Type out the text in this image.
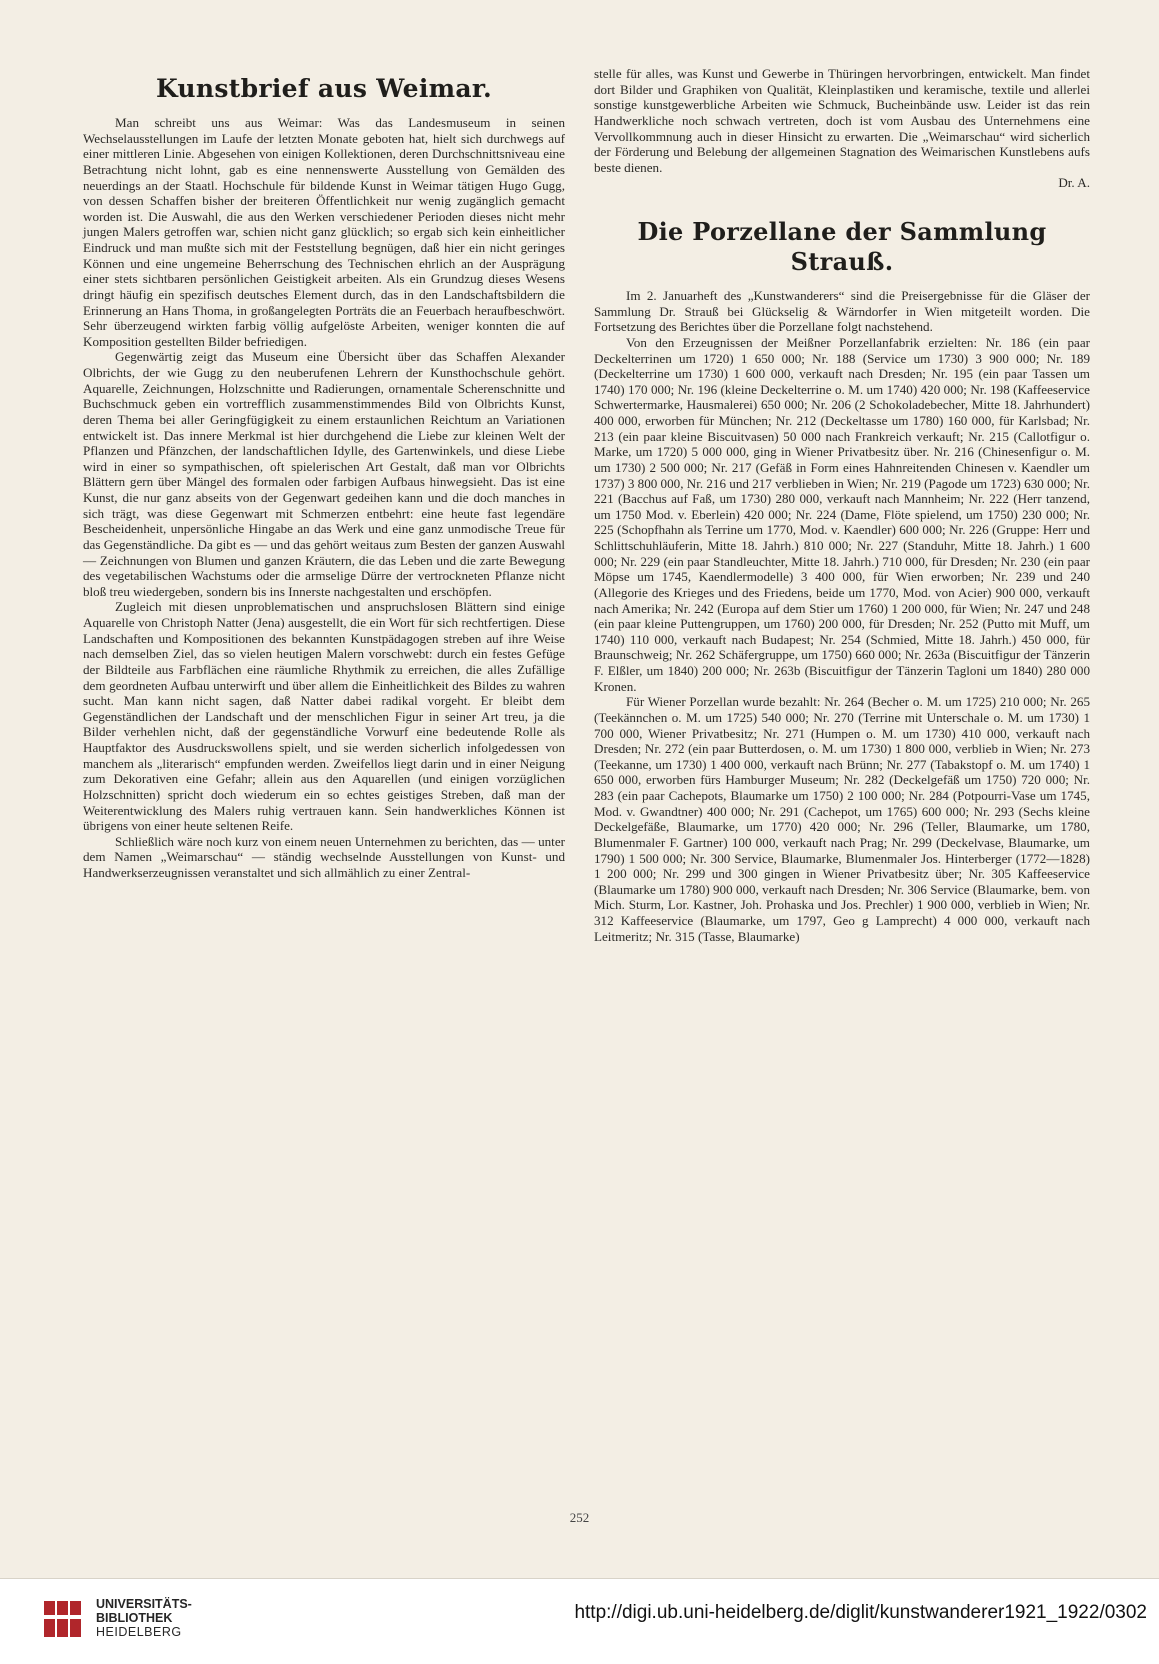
Kunstbrief aus Weimar.

Man schreibt uns aus Weimar: Was das Landesmuseum in seinen Wechselausstellungen im Laufe der letzten Monate geboten hat, hielt sich durchwegs auf einer mittleren Linie. Abgesehen von einigen Kollektionen, deren Durchschnittsniveau eine Betrachtung nicht lohnt, gab es eine nennenswerte Ausstellung von Gemälden des neuerdings an der Staatl. Hochschule für bildende Kunst in Weimar tätigen Hugo Gugg, von dessen Schaffen bisher der breiteren Öffentlichkeit nur wenig zugänglich gemacht worden ist. Die Auswahl, die aus den Werken verschiedener Perioden dieses nicht mehr jungen Malers getroffen war, schien nicht ganz glücklich; so ergab sich kein einheitlicher Eindruck und man mußte sich mit der Feststellung begnügen, daß hier ein nicht geringes Können und eine ungemeine Beherrschung des Technischen ehrlich an der Ausprägung einer stets sichtbaren persönlichen Geistigkeit arbeiten. Als ein Grundzug dieses Wesens dringt häufig ein spezifisch deutsches Element durch, das in den Landschaftsbildern die Erinnerung an Hans Thoma, in großangelegten Porträts die an Feuerbach heraufbeschwört. Sehr überzeugend wirkten farbig völlig aufgelöste Arbeiten, weniger konnten die auf Komposition gestellten Bilder befriedigen.

Gegenwärtig zeigt das Museum eine Übersicht über das Schaffen Alexander Olbrichts, der wie Gugg zu den neuberufenen Lehrern der Kunsthochschule gehört. Aquarelle, Zeichnungen, Holzschnitte und Radierungen, ornamentale Scherenschnitte und Buchschmuck geben ein vortrefflich zusammenstimmendes Bild von Olbrichts Kunst, deren Thema bei aller Geringfügigkeit zu einem erstaunlichen Reichtum an Variationen entwickelt ist. Das innere Merkmal ist hier durchgehend die Liebe zur kleinen Welt der Pflanzen und Pfänzchen, der landschaftlichen Idylle, des Gartenwinkels, und diese Liebe wird in einer so sympathischen, oft spielerischen Art Gestalt, daß man vor Olbrichts Blättern gern über Mängel des formalen oder farbigen Aufbaus hinwegsieht. Das ist eine Kunst, die nur ganz abseits von der Gegenwart gedeihen kann und die doch manches in sich trägt, was diese Gegenwart mit Schmerzen entbehrt: eine heute fast legendäre Bescheidenheit, unpersönliche Hingabe an das Werk und eine ganz unmodische Treue für das Gegenständliche. Da gibt es — und das gehört weitaus zum Besten der ganzen Auswahl — Zeichnungen von Blumen und ganzen Kräutern, die das Leben und die zarte Bewegung des vegetabilischen Wachstums oder die armselige Dürre der vertrockneten Pflanze nicht bloß treu wiedergeben, sondern bis ins Innerste nachgestalten und erschöpfen.

Zugleich mit diesen unproblematischen und anspruchslosen Blättern sind einige Aquarelle von Christoph Natter (Jena) ausgestellt, die ein Wort für sich rechtfertigen. Diese Landschaften und Kompositionen des bekannten Kunstpädagogen streben auf ihre Weise nach demselben Ziel, das so vielen heutigen Malern vorschwebt: durch ein festes Gefüge der Bildteile aus Farbflächen eine räumliche Rhythmik zu erreichen, die alles Zufällige dem geordneten Aufbau unterwirft und über allem die Einheitlichkeit des Bildes zu wahren sucht. Man kann nicht sagen, daß Natter dabei radikal vorgeht. Er bleibt dem Gegenständlichen der Landschaft und der menschlichen Figur in seiner Art treu, ja die Bilder verhehlen nicht, daß der gegenständliche Vorwurf eine bedeutende Rolle als Hauptfaktor des Ausdruckswollens spielt, und sie werden sicherlich infolgedessen von manchem als „literarisch“ empfunden werden. Zweifellos liegt darin und in einer Neigung zum Dekorativen eine Gefahr; allein aus den Aquarellen (und einigen vorzüglichen Holzschnitten) spricht doch wiederum ein so echtes geistiges Streben, daß man der Weiterentwicklung des Malers ruhig vertrauen kann. Sein handwerkliches Können ist übrigens von einer heute seltenen Reife.

Schließlich wäre noch kurz von einem neuen Unternehmen zu berichten, das — unter dem Namen „Weimarschau“ — ständig wechselnde Ausstellungen von Kunst- und Handwerkserzeugnissen veranstaltet und sich allmählich zu einer Zentral-

stelle für alles, was Kunst und Gewerbe in Thüringen hervorbringen, entwickelt. Man findet dort Bilder und Graphiken von Qualität, Kleinplastiken und keramische, textile und allerlei sonstige kunstgewerbliche Arbeiten wie Schmuck, Bucheinbände usw. Leider ist das rein Handwerkliche noch schwach vertreten, doch ist vom Ausbau des Unternehmens eine Vervollkommnung auch in dieser Hinsicht zu erwarten. Die „Weimarschau“ wird sicherlich der Förderung und Belebung der allgemeinen Stagnation des Weimarischen Kunstlebens aufs beste dienen.

Dr. A.

Die Porzellane der Sammlung Strauß.

Im 2. Januarheft des „Kunstwanderers“ sind die Preisergebnisse für die Gläser der Sammlung Dr. Strauß bei Glückselig & Wärndorfer in Wien mitgeteilt worden. Die Fortsetzung des Berichtes über die Porzellane folgt nachstehend.

Von den Erzeugnissen der Meißner Porzellanfabrik erzielten: Nr. 186 (ein paar Deckelterrinen um 1720) 1 650 000; Nr. 188 (Service um 1730) 3 900 000; Nr. 189 (Deckelterrine um 1730) 1 600 000, verkauft nach Dresden; Nr. 195 (ein paar Tassen um 1740) 170 000; Nr. 196 (kleine Deckelterrine o. M. um 1740) 420 000; Nr. 198 (Kaffeeservice Schwertermarke, Hausmalerei) 650 000; Nr. 206 (2 Schokoladebecher, Mitte 18. Jahrhundert) 400 000, erworben für München; Nr. 212 (Deckeltasse um 1780) 160 000, für Karlsbad; Nr. 213 (ein paar kleine Biscuitvasen) 50 000 nach Frankreich verkauft; Nr. 215 (Callotfigur o. Marke, um 1720) 5 000 000, ging in Wiener Privatbesitz über. Nr. 216 (Chinesenfigur o. M. um 1730) 2 500 000; Nr. 217 (Gefäß in Form eines Hahnreitenden Chinesen v. Kaendler um 1737) 3 800 000, Nr. 216 und 217 verblieben in Wien; Nr. 219 (Pagode um 1723) 630 000; Nr. 221 (Bacchus auf Faß, um 1730) 280 000, verkauft nach Mannheim; Nr. 222 (Herr tanzend, um 1750 Mod. v. Eberlein) 420 000; Nr. 224 (Dame, Flöte spielend, um 1750) 230 000; Nr. 225 (Schopfhahn als Terrine um 1770, Mod. v. Kaendler) 600 000; Nr. 226 (Gruppe: Herr und Schlittschuhläuferin, Mitte 18. Jahrh.) 810 000; Nr. 227 (Standuhr, Mitte 18. Jahrh.) 1 600 000; Nr. 229 (ein paar Standleuchter, Mitte 18. Jahrh.) 710 000, für Dresden; Nr. 230 (ein paar Möpse um 1745, Kaendlermodelle) 3 400 000, für Wien erworben; Nr. 239 und 240 (Allegorie des Krieges und des Friedens, beide um 1770, Mod. von Acier) 900 000, verkauft nach Amerika; Nr. 242 (Europa auf dem Stier um 1760) 1 200 000, für Wien; Nr. 247 und 248 (ein paar kleine Puttengruppen, um 1760) 200 000, für Dresden; Nr. 252 (Putto mit Muff, um 1740) 110 000, verkauft nach Budapest; Nr. 254 (Schmied, Mitte 18. Jahrh.) 450 000, für Braunschweig; Nr. 262 Schäfergruppe, um 1750) 660 000; Nr. 263a (Biscuitfigur der Tänzerin F. Elßler, um 1840) 200 000; Nr. 263b (Biscuitfigur der Tänzerin Tagloni um 1840) 280 000 Kronen.

Für Wiener Porzellan wurde bezahlt: Nr. 264 (Becher o. M. um 1725) 210 000; Nr. 265 (Teekännchen o. M. um 1725) 540 000; Nr. 270 (Terrine mit Unterschale o. M. um 1730) 1 700 000, Wiener Privatbesitz; Nr. 271 (Humpen o. M. um 1730) 410 000, verkauft nach Dresden; Nr. 272 (ein paar Butterdosen, o. M. um 1730) 1 800 000, verblieb in Wien; Nr. 273 (Teekanne, um 1730) 1 400 000, verkauft nach Brünn; Nr. 277 (Tabakstopf o. M. um 1740) 1 650 000, erworben fürs Hamburger Museum; Nr. 282 (Deckelgefäß um 1750) 720 000; Nr. 283 (ein paar Cachepots, Blaumarke um 1750) 2 100 000; Nr. 284 (Potpourri-Vase um 1745, Mod. v. Gwandtner) 400 000; Nr. 291 (Cachepot, um 1765) 600 000; Nr. 293 (Sechs kleine Deckelgefäße, Blaumarke, um 1770) 420 000; Nr. 296 (Teller, Blaumarke, um 1780, Blumenmaler F. Gartner) 100 000, verkauft nach Prag; Nr. 299 (Deckelvase, Blaumarke, um 1790) 1 500 000; Nr. 300 Service, Blaumarke, Blumenmaler Jos. Hinterberger (1772—1828) 1 200 000; Nr. 299 und 300 gingen in Wiener Privatbesitz über; Nr. 305 Kaffeeservice (Blaumarke um 1780) 900 000, verkauft nach Dresden; Nr. 306 Service (Blaumarke, bem. von Mich. Sturm, Lor. Kastner, Joh. Prohaska und Jos. Prechler) 1 900 000, verblieb in Wien; Nr. 312 Kaffeeservice (Blaumarke, um 1797, Geo g Lamprecht) 4 000 000, verkauft nach Leitmeritz; Nr. 315 (Tasse, Blaumarke)

252
UNIVERSITÄTS-
BIBLIOTHEK
HEIDELBERG
http://digi.ub.uni-heidelberg.de/diglit/kunstwanderer1921_1922/0302
